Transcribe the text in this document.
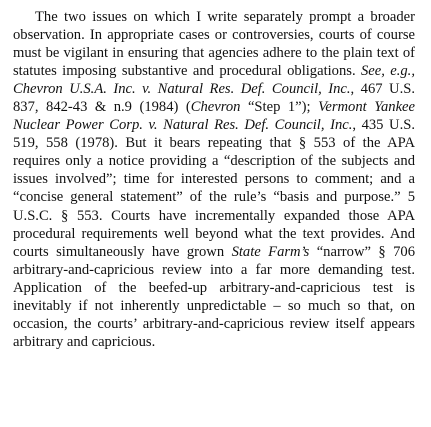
The two issues on which I write separately prompt a broader observation. In appropriate cases or controversies, courts of course must be vigilant in ensuring that agencies adhere to the plain text of statutes imposing substantive and procedural obligations. See, e.g., Chevron U.S.A. Inc. v. Natural Res. Def. Council, Inc., 467 U.S. 837, 842-43 & n.9 (1984) (Chevron “Step 1”); Vermont Yankee Nuclear Power Corp. v. Natural Res. Def. Council, Inc., 435 U.S. 519, 558 (1978). But it bears repeating that § 553 of the APA requires only a notice providing a “description of the subjects and issues involved”; time for interested persons to comment; and a “concise general statement” of the rule’s “basis and purpose.” 5 U.S.C. § 553. Courts have incrementally expanded those APA procedural requirements well beyond what the text provides. And courts simultaneously have grown State Farm’s “narrow” § 706 arbitrary-and-capricious review into a far more demanding test. Application of the beefed-up arbitrary-and-capricious test is inevitably if not inherently unpredictable – so much so that, on occasion, the courts’ arbitrary-and-capricious review itself appears arbitrary and capricious.
